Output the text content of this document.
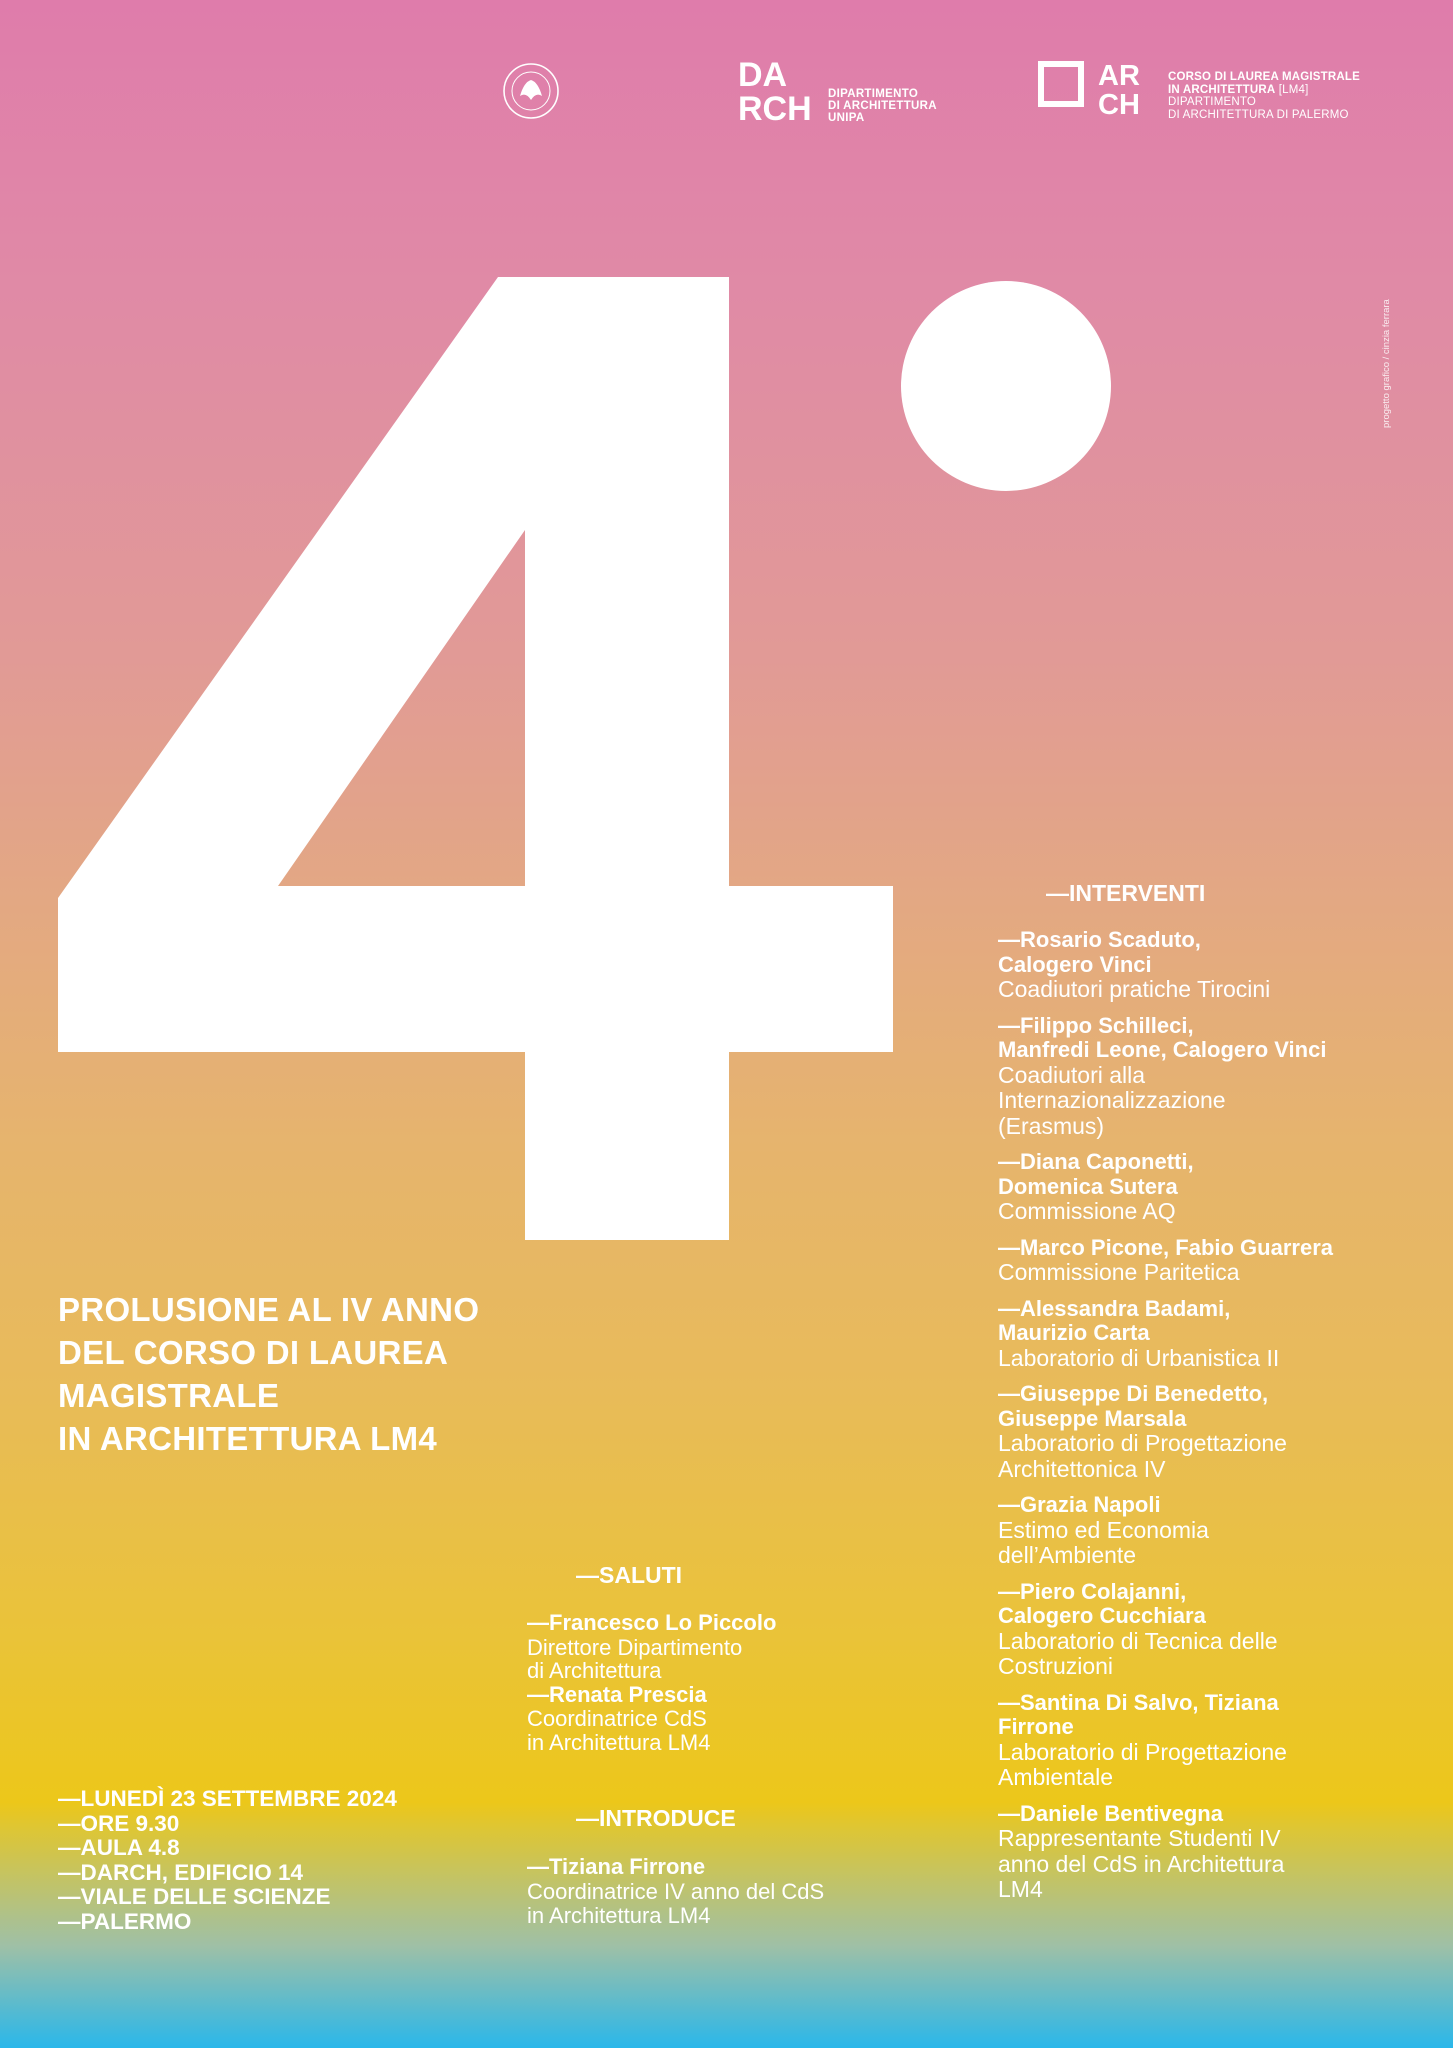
DA
RCH DIPARTIMENTO
DI ARCHITETTURA
UNIPA
AR
CH
CORSO DI LAUREA MAGISTRALE
IN ARCHITETTURA [LM4]
DIPARTIMENTO
DI ARCHITETTURA DI PALERMO
progetto grafico / cinzia ferrara
PROLUSIONE AL IV ANNO
DEL CORSO DI LAUREA
MAGISTRALE
IN ARCHITETTURA LM4
—INTERVENTI
—Rosario Scaduto,
Calogero Vinci
Coadiutori pratiche Tirocini
—Filippo Schilleci,
Manfredi Leone, Calogero Vinci
Coadiutori alla
Internazionalizzazione
(Erasmus)
—Diana Caponetti,
Domenica Sutera
Commissione AQ
—Marco Picone, Fabio Guarrera
Commissione Paritetica
—Alessandra Badami,
Maurizio Carta
Laboratorio di Urbanistica II
—Giuseppe Di Benedetto,
Giuseppe Marsala
Laboratorio di Progettazione
Architettonica IV
—Grazia Napoli
Estimo ed Economia
dell’Ambiente
—Piero Colajanni,
Calogero Cucchiara
Laboratorio di Tecnica delle
Costruzioni
—Santina Di Salvo, Tiziana
Firrone
Laboratorio di Progettazione
Ambientale
—Daniele Bentivegna
Rappresentante Studenti IV
anno del CdS in Architettura
LM4
—SALUTI
—Francesco Lo Piccolo
Direttore Dipartimento
di Architettura
—Renata Prescia
Coordinatrice CdS
in Architettura LM4
—INTRODUCE
—Tiziana Firrone
Coordinatrice IV anno del CdS
in Architettura LM4
—LUNEDÌ 23 SETTEMBRE 2024
—ORE 9.30
—AULA 4.8
—DARCH, EDIFICIO 14
—VIALE DELLE SCIENZE
—PALERMO
